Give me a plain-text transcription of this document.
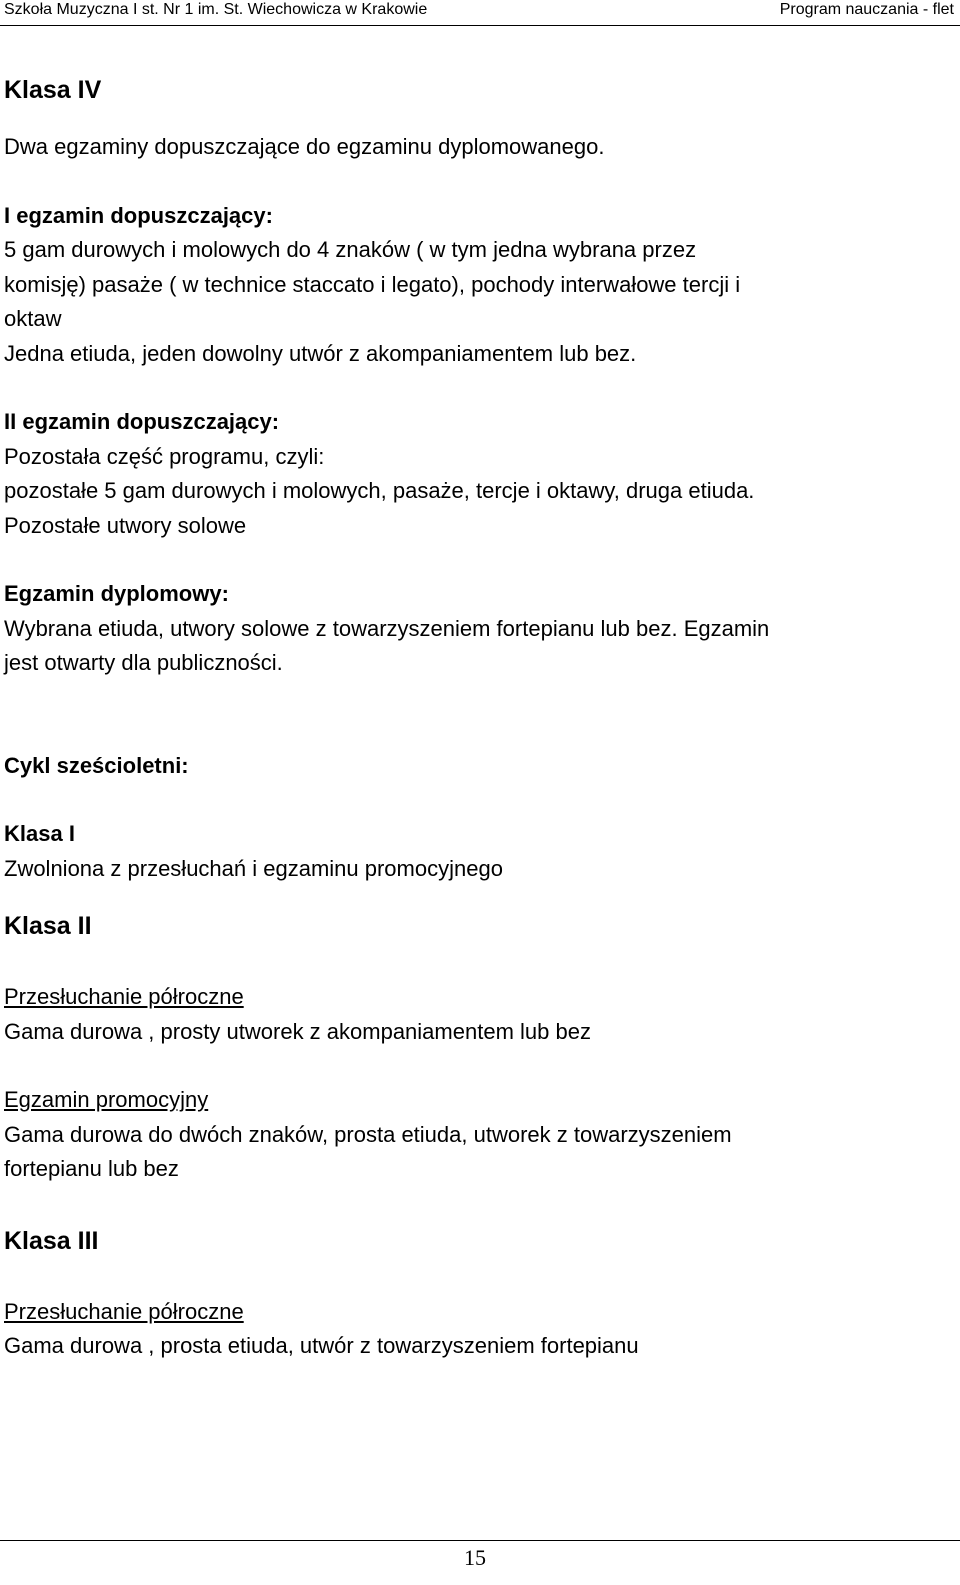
Szkoła Muzyczna I st. Nr 1 im. St. Wiechowicza w Krakowie	Program nauczania - flet
Klasa IV

Dwa egzaminy dopuszczające do egzaminu dyplomowanego.

I egzamin dopuszczający:

5 gam durowych i molowych do 4 znaków ( w tym jedna wybrana przez

komisję) pasaże ( w technice staccato i legato), pochody interwałowe tercji i

oktaw

Jedna etiuda, jeden dowolny utwór z akompaniamentem lub bez.

II egzamin dopuszczający:

Pozostała część programu, czyli:

pozostałe 5 gam durowych i molowych, pasaże, tercje i oktawy, druga etiuda.

Pozostałe utwory solowe

Egzamin dyplomowy:

Wybrana etiuda, utwory solowe z towarzyszeniem fortepianu lub bez. Egzamin

jest otwarty dla publiczności.

Cykl sześcioletni:

Klasa I

Zwolniona z przesłuchań i egzaminu promocyjnego

Klasa II

Przesłuchanie półroczne

Gama durowa , prosty utworek z akompaniamentem lub bez

Egzamin promocyjny

Gama durowa do dwóch znaków, prosta etiuda, utworek z towarzyszeniem

fortepianu lub bez

Klasa III

Przesłuchanie półroczne

Gama durowa , prosta etiuda, utwór z towarzyszeniem fortepianu

15
